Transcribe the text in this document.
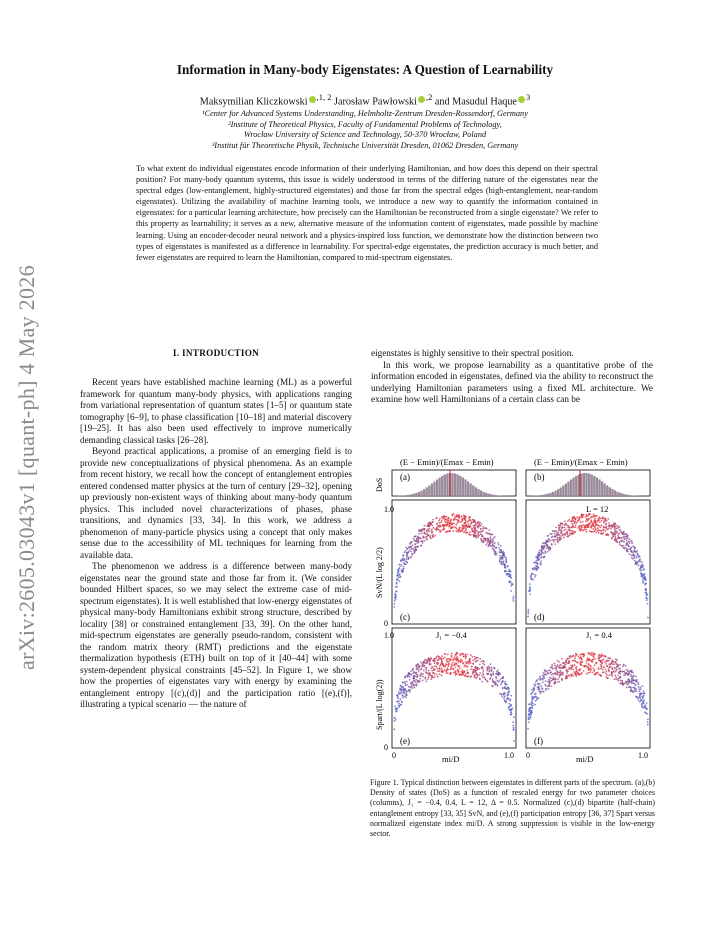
arXiv:2605.03043v1 [quant-ph] 4 May 2026
Information in Many-body Eigenstates: A Question of Learnability
Maksymilian Kliczkowski $^{,1, 2}$ Jarosław Pawłowski $^{,2}$ and Masudul Haque $^3$
¹Center for Advanced Systems Understanding, Helmholtz-Zentrum Dresden-Rossendorf, Germany
²Institute of Theoretical Physics, Faculty of Fundamental Problems of Technology,
Wrocław University of Science and Technology, 50-370 Wrocław, Poland
³Institut für Theoretische Physik, Technische Universität Dresden, 01062 Dresden, Germany
To what extent do individual eigenstates encode information of their underlying Hamiltonian, and how does this depend on their spectral position? For many-body quantum systems, this issue is widely understood in terms of the differing nature of the eigenstates near the spectral edges (low-entanglement, highly-structured eigenstates) and those far from the spectral edges (high-entanglement, near-random eigenstates). Utilizing the availability of machine learning tools, we introduce a new way to quantify the information contained in eigenstates: for a particular learning architecture, how precisely can the Hamiltonian be reconstructed from a single eigenstate? We refer to this property as learnability; it serves as a new, alternative measure of the information content of eigenstates, made possible by machine learning. Using an encoder-decoder neural network and a physics-inspired loss function, we demonstrate how the distinction between two types of eigenstates is manifested as a difference in learnability. For spectral-edge eigenstates, the prediction accuracy is much better, and fewer eigenstates are required to learn the Hamiltonian, compared to mid-spectrum eigenstates.
I. INTRODUCTION

Recent years have established machine learning (ML) as a powerful framework for quantum many-body physics, with applications ranging from variational representation of quantum states [1–5] or quantum state tomography [6–9], to phase classification [10–18] and material discovery [19–25]. It has also been used effectively to improve numerically demanding classical tasks [26–28].

Beyond practical applications, a promise of an emerging field is to provide new conceptualizations of physical phenomena. As an example from recent history, we recall how the concept of entanglement entropies entered condensed matter physics at the turn of century [29–32], opening up previously non-existent ways of thinking about many-body quantum physics. This included novel characterizations of phases, phase transitions, and dynamics [33, 34]. In this work, we address a phenomenon of many-particle physics using a concept that only makes sense due to the accessibility of ML techniques for learning from the available data.

The phenomenon we address is a difference between many-body eigenstates near the ground state and those far from it. (We consider bounded Hilbert spaces, so we may select the extreme case of mid-spectrum eigenstates). It is well established that low-energy eigenstates of physical many-body Hamiltonians exhibit strong structure, described by locality [38] or constrained entanglement [33, 39]. On the other hand, mid-spectrum eigenstates are generally pseudo-random, consistent with the random matrix theory (RMT) predictions and the eigenstate thermalization hypothesis (ETH) built on top of it [40–44] with some system-dependent physical constraints [45–52]. In Figure 1, we show how the properties of eigenstates vary with energy by examining the entanglement entropy [(c),(d)] and the participation ratio [(e),(f)], illustrating a typical scenario — the nature of

eigenstates is highly sensitive to their spectral position.

In this work, we propose learnability as a quantitative probe of the information encoded in eigenstates, defined via the ability to reconstruct the underlying Hamiltonian parameters using a fixed ML architecture. We examine how well Hamiltonians of a certain class can be

(a)
(E − Emin)/(Emax − Emin)
(b)
(E − Emin)/(Emax − Emin)
DoS
(c)
1.0
0
(d)
L = 12
SvN/(L log 2/2)
(e)
J₁ = −0.4
1.0
0
(f)
J₁ = 0.4
Spart/(L log(2))
0	1.0
mi/D	0	1.0
mi/D
Figure 1. Typical distinction between eigenstates in different parts of the spectrum. (a),(b) Density of states (DoS) as a function of rescaled energy for two parameter choices (columns), J₁ = −0.4, 0.4, L = 12, Δ = 0.5. Normalized (c),(d) bipartite (half-chain) entanglement entropy [33, 35] SvN, and (e),(f) participation entropy [36, 37] Spart versus normalized eigenstate index mi/D. A strong suppression is visible in the low-energy sector.
